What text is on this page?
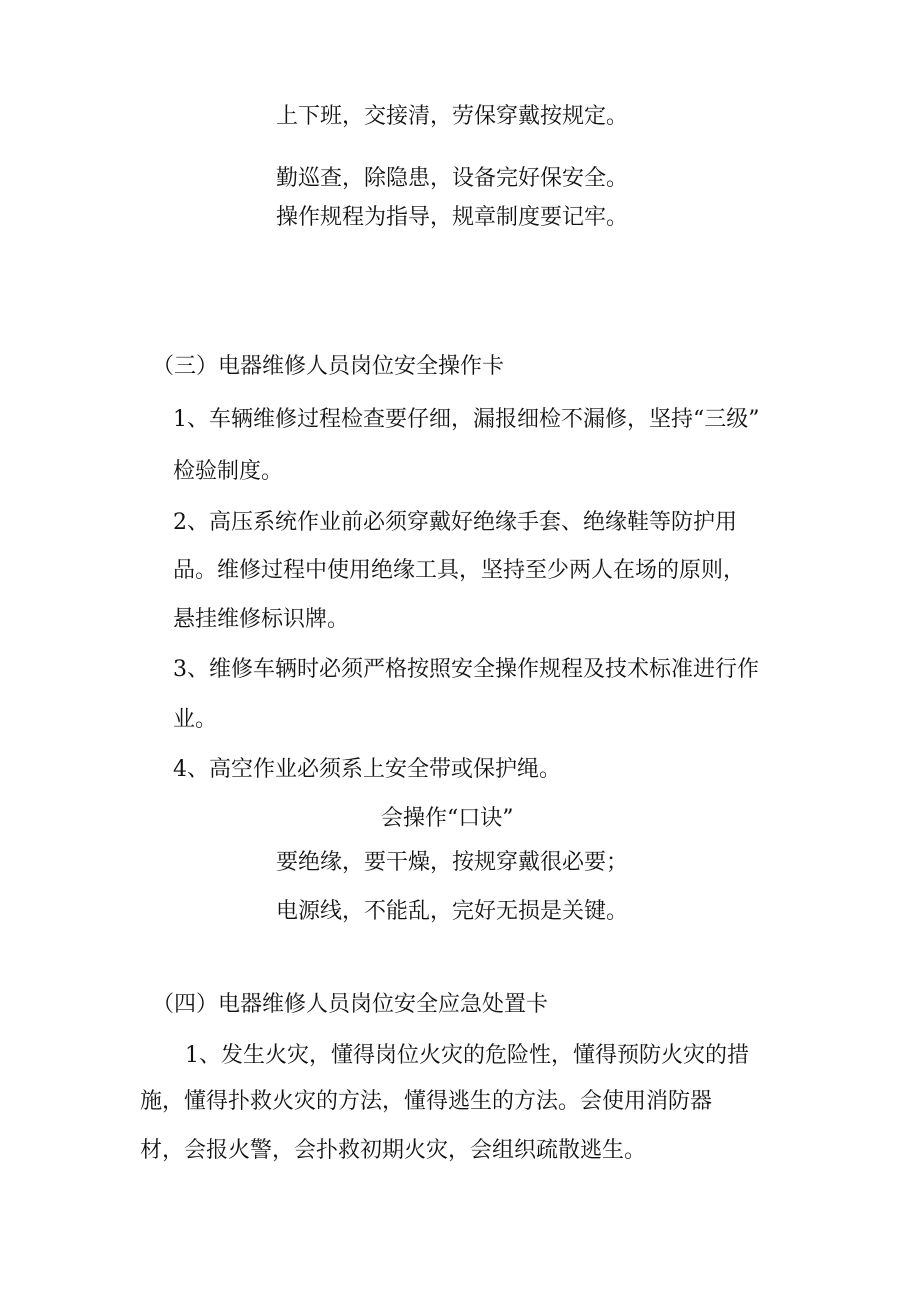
上下班，交接清，劳保穿戴按规定。
勤巡查，除隐患，设备完好保安全。
操作规程为指导，规章制度要记牢。
（三）电器维修人员岗位安全操作卡
1、车辆维修过程检查要仔细，漏报细检不漏修，坚持“三级”
检验制度。
2、高压系统作业前必须穿戴好绝缘手套、绝缘鞋等防护用
品。维修过程中使用绝缘工具，坚持至少两人在场的原则，
悬挂维修标识牌。
3、维修车辆时必须严格按照安全操作规程及技术标准进行作
业。
4、高空作业必须系上安全带或保护绳。
会操作“口诀”
要绝缘，要干燥，按规穿戴很必要；
电源线，不能乱，完好无损是关键。
（四）电器维修人员岗位安全应急处置卡
1、发生火灾，懂得岗位火灾的危险性，懂得预防火灾的措
施，懂得扑救火灾的方法，懂得逃生的方法。会使用消防器
材，会报火警，会扑救初期火灾，会组织疏散逃生。
